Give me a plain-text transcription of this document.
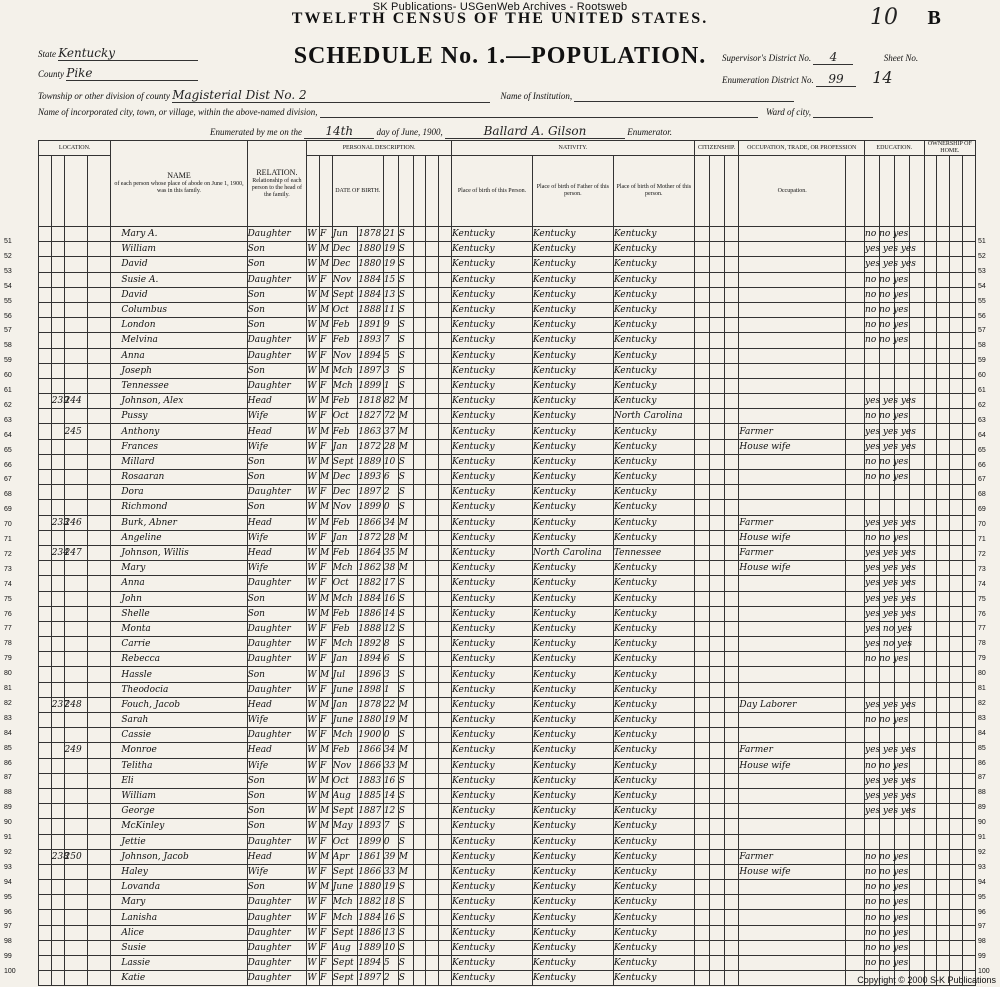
SK Publications- USGenWeb Archives - Rootsweb
TWELFTH CENSUS OF THE UNITED STATES.	10 B
SCHEDULE No. 1.—POPULATION.
State Kentucky
County Pike
Township or other division of county Magisterial Dist No. 2	Name of Institution,
Name of incorporated city, town, or village, within the above-named division,	Ward of city,
Enumerated by me on the 14th	day of June, 1900,	Ballard A. Gilson	Enumerator.
Supervisor's District No. 4	Sheet No.
Enumeration District No. 99 14
LOCATION.				NAME
of each person whose place of abode on June 1, 1900, was in this family.	RELATION.
Relationship of each person to the head of the family.	PERSONAL DESCRIPTION.									NATIVITY.			CITIZENSHIP.			OCCUPATION, TRADE, OR PROFESSION		EDUCATION.				OWNERSHIP OF HOME.			
								DATE OF BIRTH.							Place of birth of this Person.	Place of birth of Father of this person.	Place of birth of Mother of this person.				Occupation.									
				Mary A.	Daughter	W	F	Jun	1878	21	S				Kentucky	Kentucky	Kentucky						no no yes							
				William	Son	W	M	Dec	1880	19	S				Kentucky	Kentucky	Kentucky						yes yes yes							
				David	Son	W	M	Dec	1880	19	S				Kentucky	Kentucky	Kentucky						yes yes yes							
				Susie A.	Daughter	W	F	Nov	1884	15	S				Kentucky	Kentucky	Kentucky						no no yes							
				David	Son	W	M	Sept	1884	13	S				Kentucky	Kentucky	Kentucky						no no yes							
				Columbus	Son	W	M	Oct	1888	11	S				Kentucky	Kentucky	Kentucky						no no yes							
				London	Son	W	M	Feb	1891	9	S				Kentucky	Kentucky	Kentucky						no no yes							
				Melvina	Daughter	W	F	Feb	1893	7	S				Kentucky	Kentucky	Kentucky						no no yes							
				Anna	Daughter	W	F	Nov	1894	5	S				Kentucky	Kentucky	Kentucky													
				Joseph	Son	W	M	Mch	1897	3	S				Kentucky	Kentucky	Kentucky													
				Tennessee	Daughter	W	F	Mch	1899	1	S				Kentucky	Kentucky	Kentucky													
	239	244		Johnson, Alex	Head	W	M	Feb	1818	82	M				Kentucky	Kentucky	Kentucky						yes yes yes							
				Pussy	Wife	W	F	Oct	1827	72	M				Kentucky	Kentucky	North Carolina						no no yes							
		245		Anthony	Head	W	M	Feb	1863	37	M				Kentucky	Kentucky	Kentucky				Farmer		yes yes yes							
				Frances	Wife	W	F	Jan	1872	28	M				Kentucky	Kentucky	Kentucky				House wife		yes yes yes							
				Millard	Son	W	M	Sept	1889	10	S				Kentucky	Kentucky	Kentucky						no no yes							
				Rosaaran	Son	W	M	Dec	1893	6	S				Kentucky	Kentucky	Kentucky						no no yes							
				Dora	Daughter	W	F	Dec	1897	2	S				Kentucky	Kentucky	Kentucky													
				Richmond	Son	W	M	Nov	1899	0	S				Kentucky	Kentucky	Kentucky													
	233	246		Burk, Abner	Head	W	M	Feb	1866	34	M				Kentucky	Kentucky	Kentucky				Farmer		yes yes yes							
				Angeline	Wife	W	F	Jan	1872	28	M				Kentucky	Kentucky	Kentucky				House wife		no no yes							
	234	247		Johnson, Willis	Head	W	M	Feb	1864	35	M				Kentucky	North Carolina	Tennessee				Farmer		yes yes yes							
				Mary	Wife	W	F	Mch	1862	38	M				Kentucky	Kentucky	Kentucky				House wife		yes yes yes							
				Anna	Daughter	W	F	Oct	1882	17	S				Kentucky	Kentucky	Kentucky						yes yes yes							
				John	Son	W	M	Mch	1884	16	S				Kentucky	Kentucky	Kentucky						yes yes yes							
				Shelle	Son	W	M	Feb	1886	14	S				Kentucky	Kentucky	Kentucky						yes yes yes							
				Monta	Daughter	W	F	Feb	1888	12	S				Kentucky	Kentucky	Kentucky						yes no yes							
				Carrie	Daughter	W	F	Mch	1892	8	S				Kentucky	Kentucky	Kentucky						yes no yes							
				Rebecca	Daughter	W	F	Jan	1894	6	S				Kentucky	Kentucky	Kentucky						no no yes							
				Hassle	Son	W	M	Jul	1896	3	S				Kentucky	Kentucky	Kentucky													
				Theodocia	Daughter	W	F	June	1898	1	S				Kentucky	Kentucky	Kentucky													
	237	248		Fouch, Jacob	Head	W	M	Jan	1878	22	M				Kentucky	Kentucky	Kentucky				Day Laborer		yes yes yes							
				Sarah	Wife	W	F	June	1880	19	M				Kentucky	Kentucky	Kentucky						no no yes							
				Cassie	Daughter	W	F	Mch	1900	0	S				Kentucky	Kentucky	Kentucky													
		249		Monroe	Head	W	M	Feb	1866	34	M				Kentucky	Kentucky	Kentucky				Farmer		yes yes yes							
				Telitha	Wife	W	F	Nov	1866	33	M				Kentucky	Kentucky	Kentucky				House wife		no no yes							
				Eli	Son	W	M	Oct	1883	16	S				Kentucky	Kentucky	Kentucky						yes yes yes							
				William	Son	W	M	Aug	1885	14	S				Kentucky	Kentucky	Kentucky						yes yes yes							
				George	Son	W	M	Sept	1887	12	S				Kentucky	Kentucky	Kentucky						yes yes yes							
				McKinley	Son	W	M	May	1893	7	S				Kentucky	Kentucky	Kentucky													
				Jettie	Daughter	W	F	Oct	1899	0	S				Kentucky	Kentucky	Kentucky													
	238	250		Johnson, Jacob	Head	W	M	Apr	1861	39	M				Kentucky	Kentucky	Kentucky				Farmer		no no yes							
				Haley	Wife	W	F	Sept	1866	33	M				Kentucky	Kentucky	Kentucky				House wife		no no yes							
				Lovanda	Son	W	M	June	1880	19	S				Kentucky	Kentucky	Kentucky						no no yes							
				Mary	Daughter	W	F	Mch	1882	18	S				Kentucky	Kentucky	Kentucky						no no yes							
				Lanisha	Daughter	W	F	Mch	1884	16	S				Kentucky	Kentucky	Kentucky						no no yes							
				Alice	Daughter	W	F	Sept	1886	13	S				Kentucky	Kentucky	Kentucky						no no yes							
				Susie	Daughter	W	F	Aug	1889	10	S				Kentucky	Kentucky	Kentucky						no no yes							
				Lassie	Daughter	W	F	Sept	1894	5	S				Kentucky	Kentucky	Kentucky						no no yes							
				Katie	Daughter	W	F	Sept	1897	2	S				Kentucky	Kentucky	Kentucky													
51	51
52	52
53	53
54	54
55	55
56	56
57	57
58	58
59	59
60	60
61	61
62	62
63	63
64	64
65	65
66	66
67	67
68	68
69	69
70	70
71	71
72	72
73	73
74	74
75	75
76	76
77	77
78	78
79	79
80	80
81	81
82	82
83	83
84	84
85	85
86	86
87	87
88	88
89	89
90	90
91	91
92	92
93	93
94	94
95	95
96	96
97	97
98	98
99	99
100	100
Copyright © 2000 S-K Publications
